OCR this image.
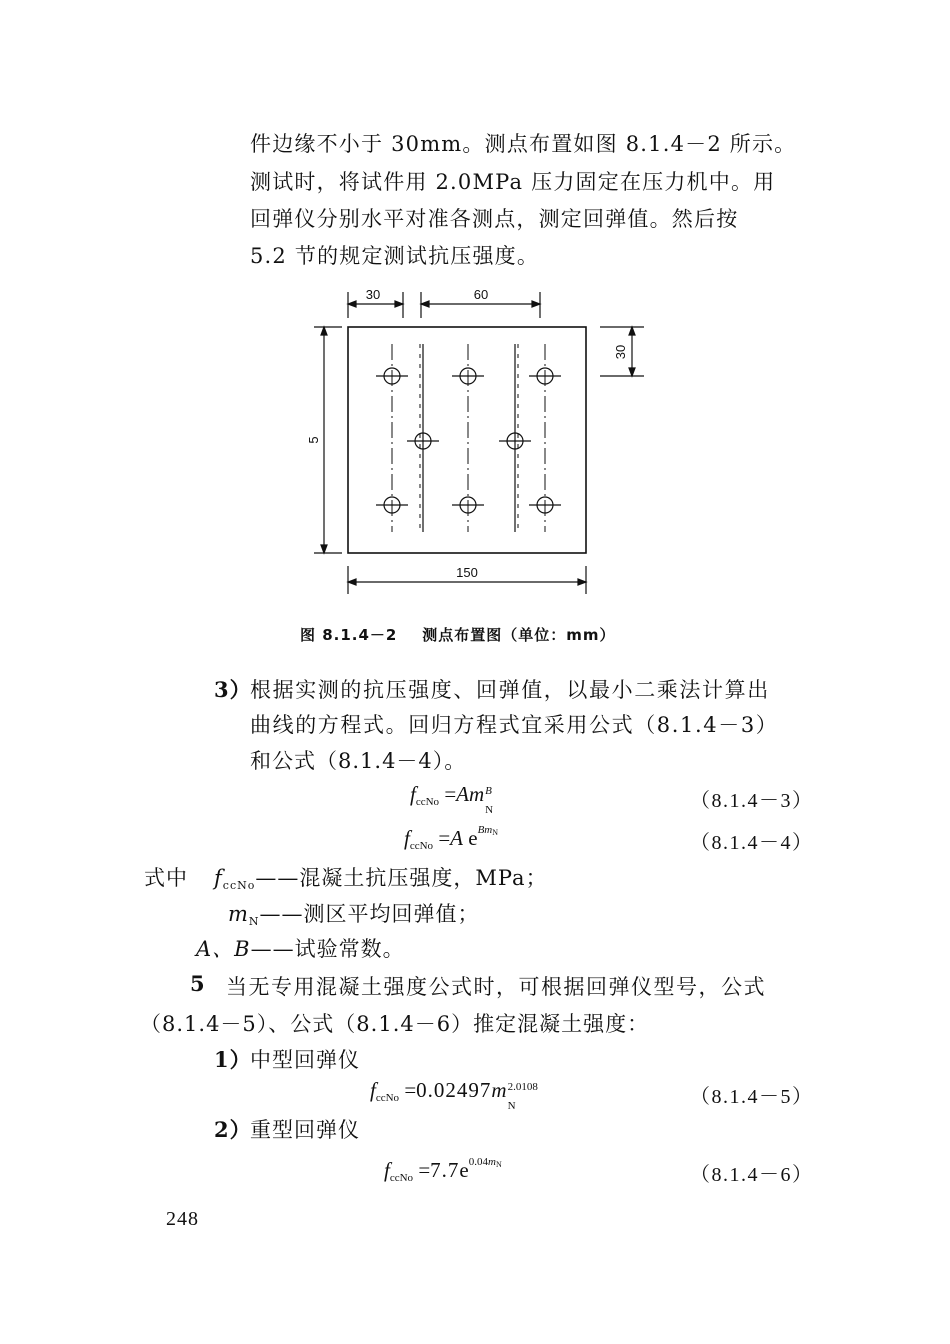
件边缘不小于 30mm。测点布置如图 8.1.4－2 所示。
测试时，将试件用 2.0MPa 压力固定在压力机中。用
回弹仪分别水平对准各测点，测定回弹值。然后按
5.2 节的规定测试抗压强度。
30	60
30
5
150
图 8.1.4－2 测点布置图（单位：mm）
3）
根据实测的抗压强度、回弹值，以最小二乘法计算出
曲线的方程式。回归方程式宜采用公式（8.1.4－3）
和公式（8.1.4－4）。
$f_{ccNo} =Am$ B
N	（8.1.4－3）
$f_{ccNo} =A$ $e^{BmN}$	（8.1.4－4）
式中 $f_{ccNo}——$混凝土抗压强度，MPa；
$m_N——$测区平均回弹值；
A、B——试验常数。
5 当无专用混凝土强度公式时，可根据回弹仪型号，公式
（8.1.4－5）、公式（8.1.4－6）推定混凝土强度：
1）
中型回弹仪
$f_{ccNo} =0.02497m$ 2.0108
N	（8.1.4－5）
2）
重型回弹仪
$f_{ccNo} =7.7e^{0.04mN}$	（8.1.4－6）
248
